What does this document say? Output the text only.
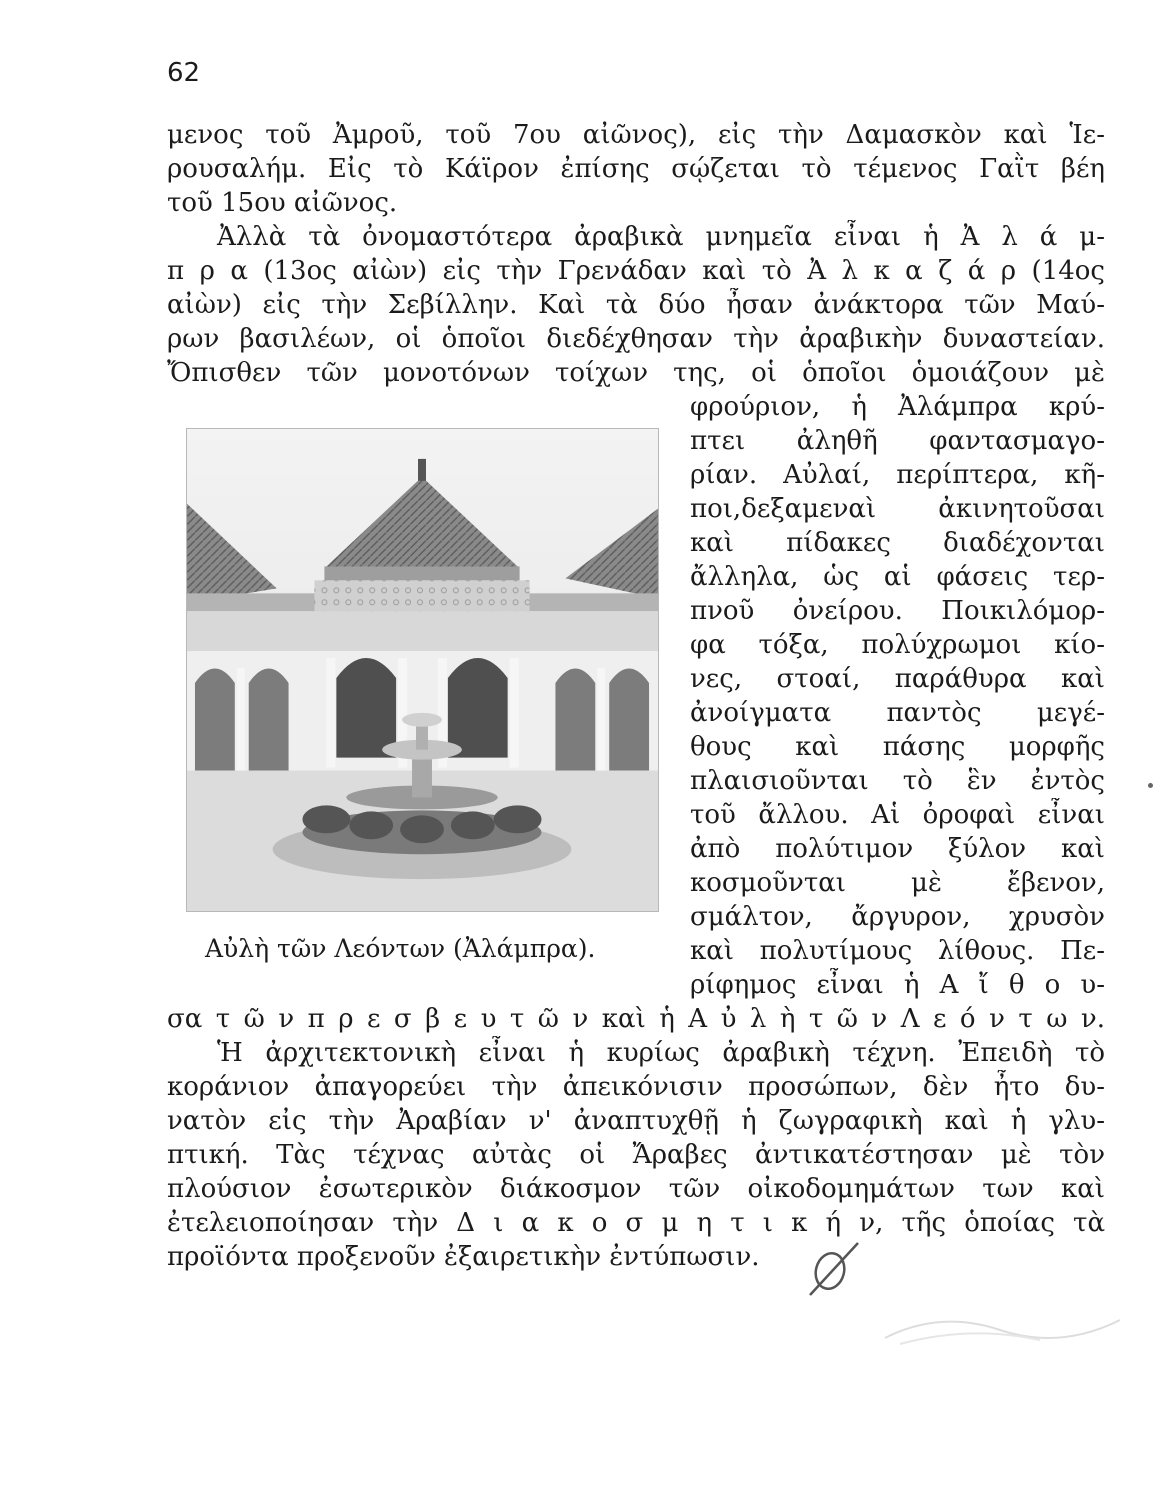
62

μενος τοῦ Ἀμροῦ, τοῦ 7ου αἰῶνος), εἰς τὴν Δαμασκὸν καὶ Ἱε-

ρουσαλήμ. Εἰς τὸ Κάϊρον ἐπίσης σῴζεται τὸ τέμενος Γαῒτ βέη

τοῦ 15ου αἰῶνος.

Ἀλλὰ τὰ ὀνομαστότερα ἀραβικὰ μνημεῖα εἶναι ἡ Ἀ λ ά μ-

π ρ α (13ος αἰὼν) εἰς τὴν Γρενάδαν καὶ τὸ Ἀ λ κ α ζ ά ρ (14ος

αἰὼν) εἰς τὴν Σεβίλλην. Καὶ τὰ δύο ἦσαν ἀνάκτορα τῶν Μαύ-

ρων βασιλέων, οἱ ὁποῖοι διεδέχθησαν τὴν ἀραβικὴν δυναστείαν.

Ὄπισθεν τῶν μονοτόνων τοίχων της, οἱ ὁποῖοι ὁμοιάζουν μὲ

φρούριον, ἡ Ἀλάμπρα κρύ-

πτει ἀληθῆ φαντασμαγο-

ρίαν. Αὐλαί, περίπτερα, κῆ-

ποι,δεξαμεναὶ ἀκινητοῦσαι

καὶ πίδακες διαδέχονται

ἄλληλα, ὡς αἱ φάσεις τερ-

πνοῦ ὀνείρου. Ποικιλόμορ-

φα τόξα, πολύχρωμοι κίο-

νες, στοαί, παράθυρα καὶ

ἀνοίγματα παντὸς μεγέ-

θους καὶ πάσης μορφῆς

πλαισιοῦνται τὸ ἓν ἐντὸς

τοῦ ἄλλου. Αἱ ὀροφαὶ εἶναι

ἀπὸ πολύτιμον ξύλον καὶ

κοσμοῦνται μὲ ἔβενον,

σμάλτον, ἄργυρον, χρυσὸν

καὶ πολυτίμους λίθους. Πε-

ρίφημος εἶναι ἡ Α ἴ θ ο υ-

Αὐλὴ τῶν Λεόντων (Ἀλάμπρα).

σα τ ῶ ν π ρ ε σ β ε υ τ ῶ ν καὶ ἡ Α ὐ λ ὴ τ ῶ ν Λ ε ό ν τ ω ν.

Ἡ ἀρχιτεκτονικὴ εἶναι ἡ κυρίως ἀραβικὴ τέχνη. Ἐπειδὴ τὸ

κοράνιον ἀπαγορεύει τὴν ἀπεικόνισιν προσώπων, δὲν ἦτο δυ-

νατὸν εἰς τὴν Ἀραβίαν ν' ἀναπτυχθῇ ἡ ζωγραφικὴ καὶ ἡ γλυ-

πτική. Τὰς τέχνας αὐτὰς οἱ Ἄραβες ἀντικατέστησαν μὲ τὸν

πλούσιον ἐσωτερικὸν διάκοσμον τῶν οἰκοδομημάτων των καὶ

ἐτελειοποίησαν τὴν Δ ι α κ ο σ μ η τ ι κ ή ν, τῆς ὁποίας τὰ

προϊόντα προξενοῦν ἐξαιρετικὴν ἐντύπωσιν.
